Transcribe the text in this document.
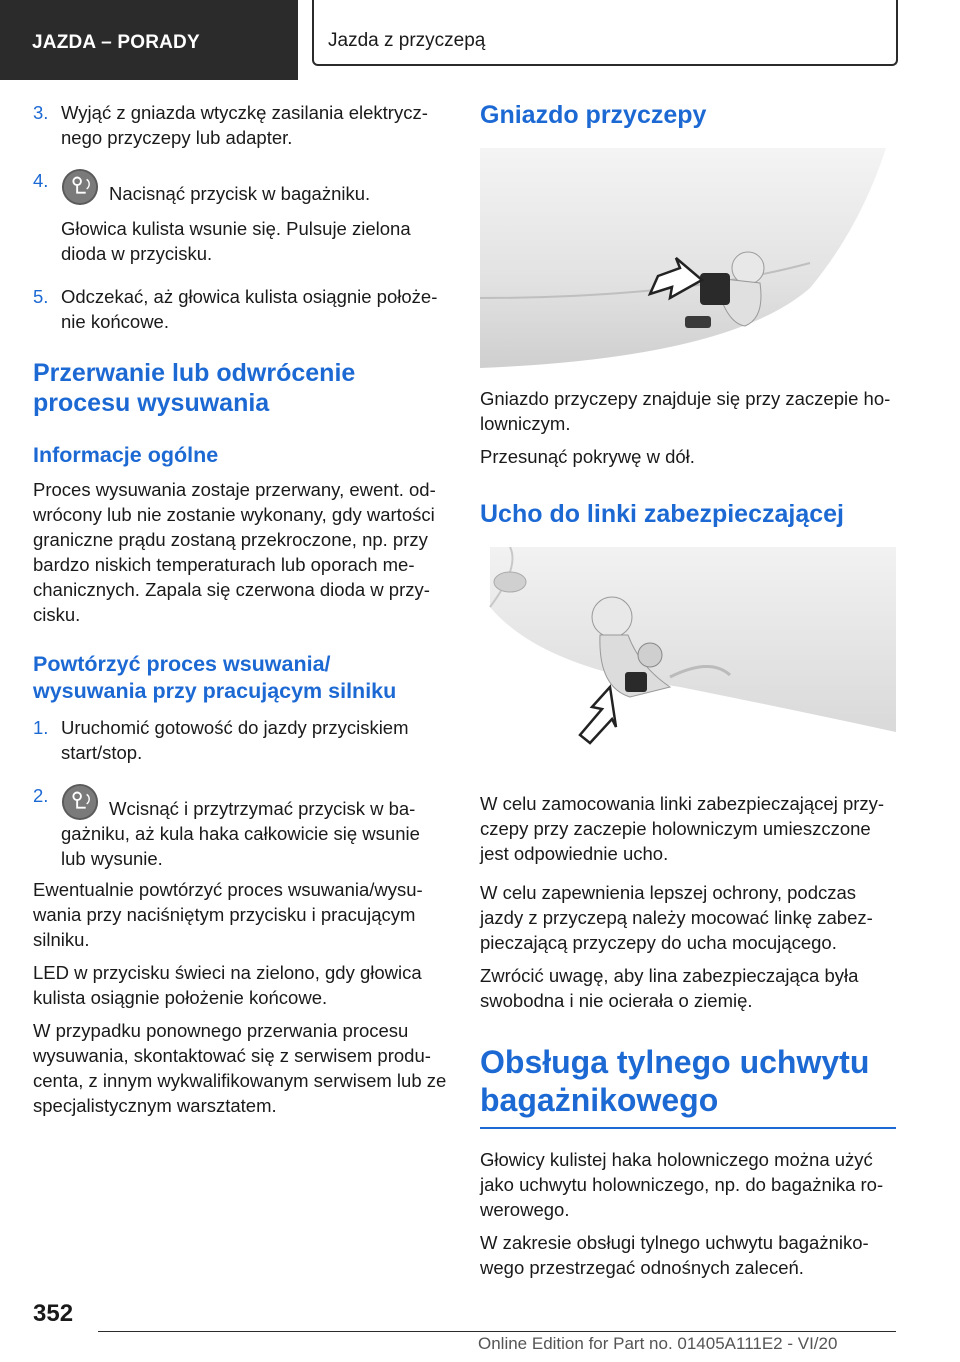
JAZDA – PORADY	Jazda z przyczepą
3. Wyjąć z gniazda wtyczkę zasilania elektrycz-nego przyczepy lub adapter.

4.

Nacisnąć przycisk w bagażniku.

Głowica kulista wsunie się. Pulsuje zielona dioda w przycisku.

5. Odczekać, aż głowica kulista osiągnie położe-nie końcowe.

Przerwanie lub odwrócenie procesu wysuwania
Informacje ogólne

Proces wysuwania zostaje przerwany, ewent. od-wrócony lub nie zostanie wykonany, gdy wartości graniczne prądu zostaną przekroczone, np. przy bardzo niskich temperaturach lub oporach me-chanicznych. Zapala się czerwona dioda w przy-cisku.

Powtórzyć proces wsuwania/ wysuwania przy pracującym silniku
1. Uruchomić gotowość do jazdy przyciskiem start/stop.

2.

Wcisnąć i przytrzymać przycisk w ba-gażniku, aż kula haka całkowicie się wsunie lub wysunie.

Ewentualnie powtórzyć proces wsuwania/wysu-wania przy naciśniętym przycisku i pracującym silniku.

LED w przycisku świeci na zielono, gdy głowica kulista osiągnie położenie końcowe.

W przypadku ponownego przerwania procesu wysuwania, skontaktować się z serwisem produ-centa, z innym wykwalifikowanym serwisem lub ze specjalistycznym warsztatem.

Gniazdo przyczepy

Gniazdo przyczepy znajduje się przy zaczepie ho-lowniczym.

Przesunąć pokrywę w dół.

Ucho do linki zabezpieczającej

W celu zamocowania linki zabezpieczającej przy-czepy przy zaczepie holowniczym umieszczone jest odpowiednie ucho.

W celu zapewnienia lepszej ochrony, podczas jazdy z przyczepą należy mocować linkę zabez-pieczającą przyczepy do ucha mocującego.

Zwrócić uwagę, aby lina zabezpieczająca była swobodna i nie ocierała o ziemię.

Obsługa tylnego uchwytu bagażnikowego

Głowicy kulistej haka holowniczego można użyć jako uchwytu holowniczego, np. do bagażnika ro-werowego.

W zakresie obsługi tylnego uchwytu bagażniko-wego przestrzegać odnośnych zaleceń.

352
Online Edition for Part no. 01405A111E2 - VI/20
